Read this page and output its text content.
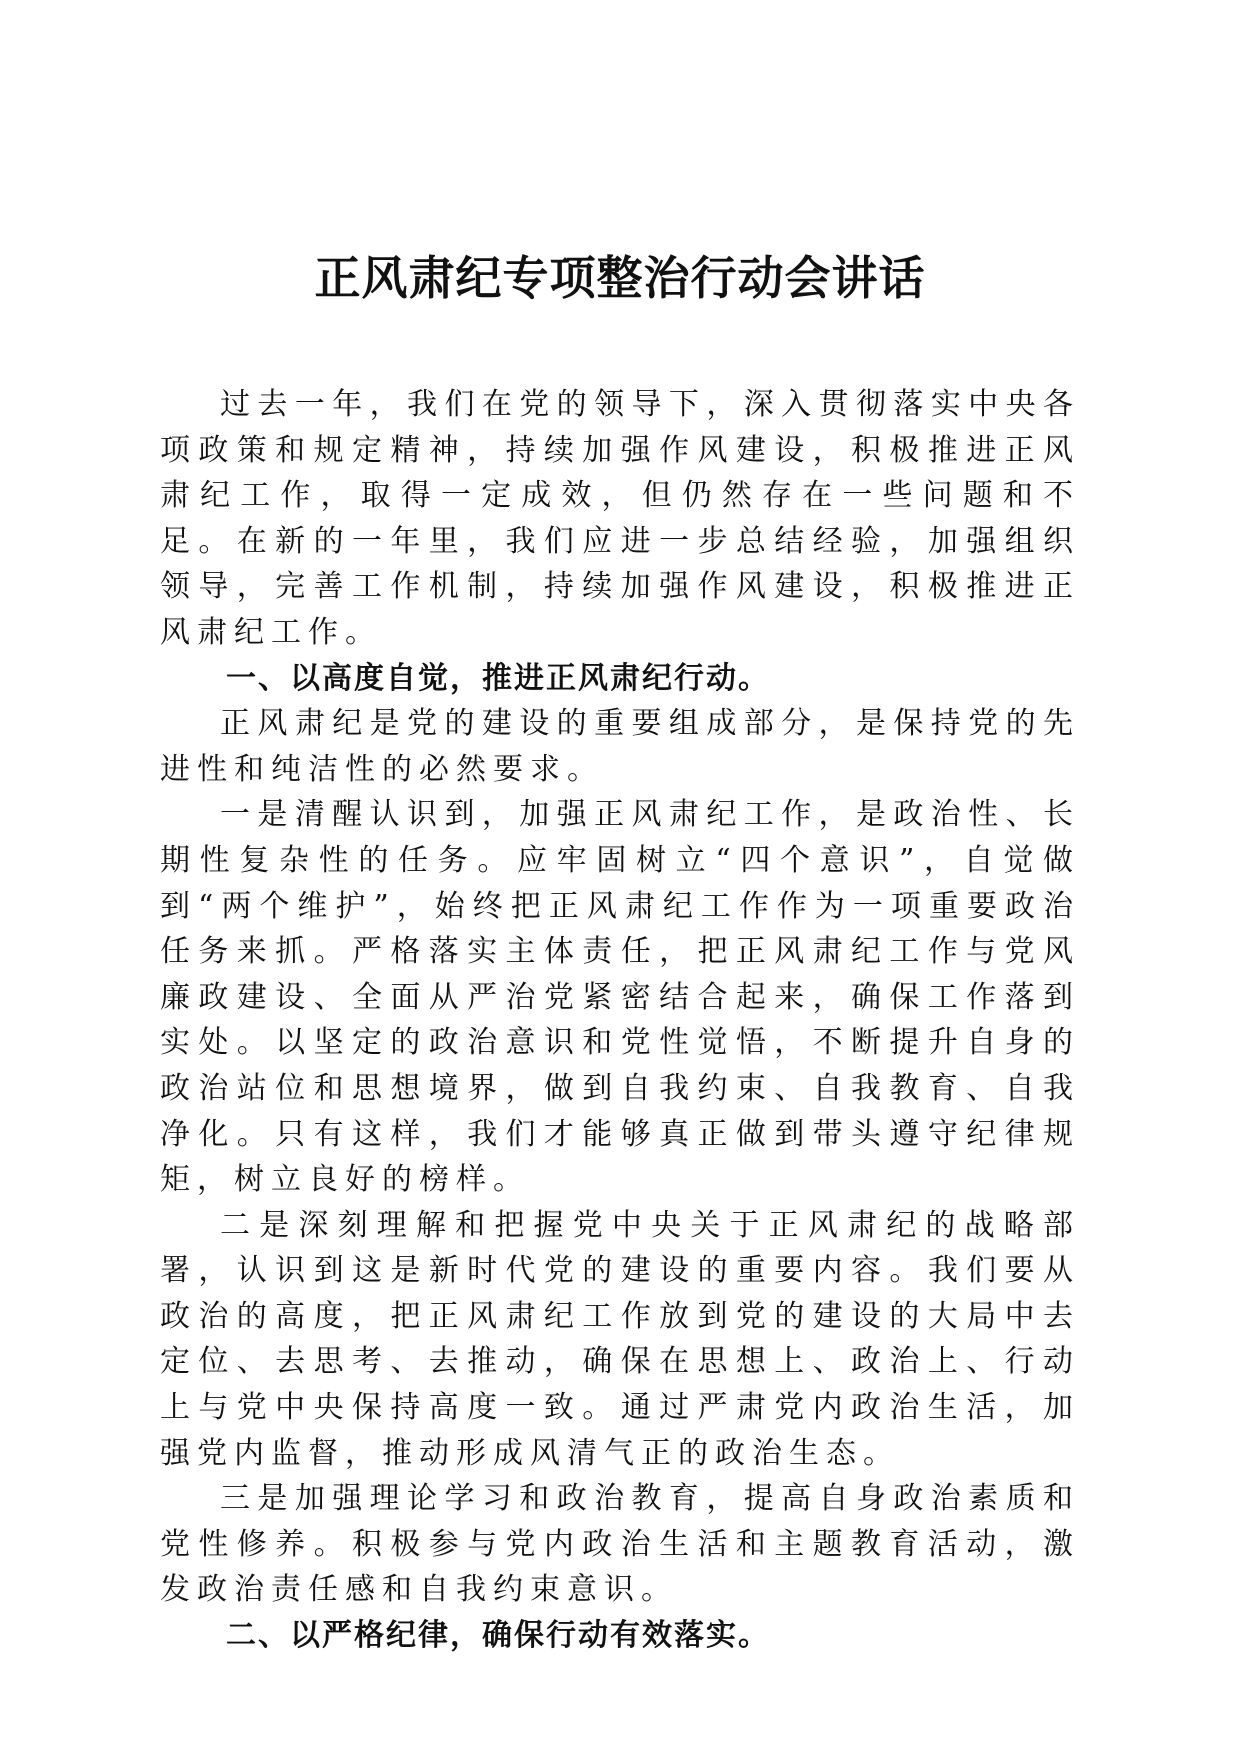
正风肃纪专项整治行动会讲话

过去一年，我们在党的领导下，深入贯彻落实中央各项政策和规定精神，持续加强作风建设，积极推进正风肃纪工作，取得一定成效，但仍然存在一些问题和不足。在新的一年里，我们应进一步总结经验，加强组织领导，完善工作机制，持续加强作风建设，积极推进正风肃纪工作。

一、以高度自觉，推进正风肃纪行动。

正风肃纪是党的建设的重要组成部分，是保持党的先进性和纯洁性的必然要求。

一是清醒认识到，加强正风肃纪工作，是政治性、长期性复杂性的任务。应牢固树立“四个意识”，自觉做到“两个维护”，始终把正风肃纪工作作为一项重要政治任务来抓。严格落实主体责任，把正风肃纪工作与党风廉政建设、全面从严治党紧密结合起来，确保工作落到实处。以坚定的政治意识和党性觉悟，不断提升自身的政治站位和思想境界，做到自我约束、自我教育、自我净化。只有这样，我们才能够真正做到带头遵守纪律规矩，树立良好的榜样。

二是深刻理解和把握党中央关于正风肃纪的战略部署，认识到这是新时代党的建设的重要内容。我们要从政治的高度，把正风肃纪工作放到党的建设的大局中去定位、去思考、去推动，确保在思想上、政治上、行动上与党中央保持高度一致。通过严肃党内政治生活，加强党内监督，推动形成风清气正的政治生态。

三是加强理论学习和政治教育，提高自身政治素质和党性修养。积极参与党内政治生活和主题教育活动，激发政治责任感和自我约束意识。

二、以严格纪律，确保行动有效落实。
